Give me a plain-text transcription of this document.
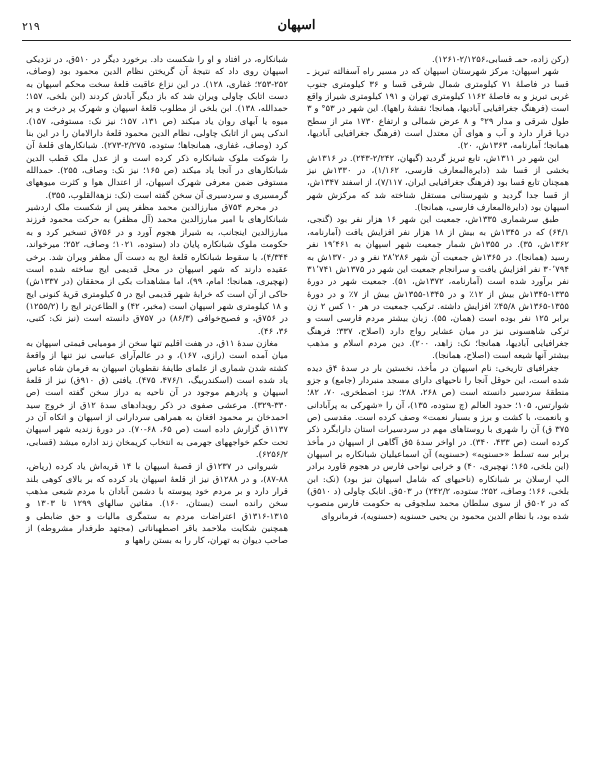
۲۱۹	اسپهان

(رکن زاده، حمـ قسابی،۲/۱۲۵۶-۱۲۶۱).

شهر اسپهان: مرکز شهرستان اسپهان که در مسیر راه آسفالته تبریز ـ قسا در فاصلهٔ ۷۱ کیلومتری شمال شرقی قسا و ۳۶ کیلومتری جنوب غربی تبریز و به فاصلهٔ ۱۱۶۲ کیلومتری تهران و ۱۹۱ کیلومتری شیراز واقع است (فرهنگ جغرافیایی آبادیها، همانجا؛ نقشهٔ راهها). این شهر در ۵۳° و ۳ طول شرقی و مدار ۲۹° و ۸ عرض شمالی و ارتفاع ۱۷۳۰ متر از سطح دریا قرار دارد و آب و هوای آن معتدل است (فرهنگ جغرافیایی آبادیها، همانجا؛ آمارنامه، ۱۳۶۳ش، ۲۰).

این شهر در ۱۳۱۱ش، تابع تبریز گردید (گیهان، ۲/۲۴۲-۲۴۳). در ۱۳۱۶ش بخشی از قسا شد (دایرةالمعارف فارسی، ۱/۱۶۲)، در ۱۳۳۰ش نیز همچنان تابع قسا بود (فرهنگ جغرافیایی ایران، ۷/۱۱۷)، از اسفند ۱۳۴۷ش، از قسا جدا گردید و شهرستانی مستقل شناخته شد که مرکزش شهر اسپهان بود (دایرةالمعارف فارسی، همانجا).

طبق سرشماری ۱۳۳۵ش، جمعیت این شهر ۱۶ هزار نفر بود (گنجی، ۶۴/۱) که در ۱۳۴۵ش به بیش از ۱۸ هزار نفر افزایش یافت (آمارنامه، ۱۳۶۲ش، ۳۵). در ۱۳۵۵ش شمار جمعیت شهر اسپهان به ۱۹٬۴۶۱ نفر رسید (همانجا). در ۱۳۶۵ش جمعیت آن شهر ۲۸٬۲۸۶ نفر و در ۱۳۷۰ش به ۳۰٬۷۹۴ نفر افزایش یافت و سرانجام جمعیت این شهر در ۱۳۷۵ش ۳۱٬۷۴۱ نفر برآورد شده است (آمارنامه، ۱۳۷۲ش، ۵۱). جمعیت شهر در دورهٔ ۱۳۳۵-۱۳۴۵ش بیش از ۱۲٪ و در ۱۳۴۵-۱۳۵۵ش بیش از ۷٪ و در دورهٔ ۱۳۵۵-۱۳۶۵ش ۴۵/۸٪ افزایش داشته. ترکیب جمعیت در هر ۱۰ کس ۲ زن برابر ۱۲۵ نفر بوده است (همان، ۵۵). زبان بیشتر مردم فارسی است و ترکی شاهسونی نیز در میان عشایر رواج دارد (اصلاح، ۳۳۷؛ فرهنگ جغرافیایی آبادیها، همانجا؛ نک: زاهد، ۲۰۰). دین مردم اسلام و مذهب بیشتر آنها شیعه است (اصلاح، همانجا).

جغرافیای تاریخی: نام اسپهان در مأخذ، نخستین بار در سدهٔ ۴ق دیده شده است، این حوقل آنجا را ناحیهای دارای مسجد منبردار (جامع) و جزو منطقهٔ سردسیر دانسته است (ص ۲۶۸، ۲۸۸؛ نیز: اصطخری، ۷۰، ۸۲؛ شوارتس، ۱۰۵؛ حدود العالم (چ ستوده، ۱۳۵)، آن را «شهرکی به پرآبادانی و بانعمت، با کشت و برز و بسیار نعمت» وصف کرده است. مقدسی (ص ۳۷۵ ق) آن را شهری با روستاهای مهم در سردسیرات استان دارابگرد ذکر کرده است (ص ۴۳۳، ۳۴۰). در اواخر سدهٔ ۵ق آگاهی از اسپهان در مأخذ برابر سه تسلط «حسنویه» (حسنویه) آن اسماعیلیان شبانکاره بر اسپهان (این بلخی، ۱۶۵؛ نهچیری، ۴۰) و خرابی نواحی فارس در هجوم قاورد برادر الپ ارسلان بر شبانکاره (ناحیهای که شامل اسپهان نیز بود) (نک: ابن بلخی، ۱۶۶؛ وصاف، ۲۵۲؛ ستوده، ۲۴۲/۲) در ۵۰۳ق. اتابک چاولی (د ۵۱۰ق) که در ۵۰۲ق از سوی سلطان محمد سلجوقی به حکومت فارس منصوب شده بود، با نظام الدین محمود بن یحیی حسنویه (حسنویه)، فرمانروای

شبانکاره، در افتاد و او را شکست داد. برخورد دیگر در ۵۱۰ق، در نزدیکی اسپهان روی داد که نتیجهٔ آن گریختن نظام الدین محمود بود (وصاف، ۲۵۲-۲۵۳؛ غفاری، ۱۲۸). در این نزاع عاقبت قلعهٔ سخت محکم اسپهان به دست اتابک چاولی ویران شد که باز دیگر آبادش کردند (ابن بلخی، ۱۵۷؛ حمدالله، ۱۳۸). ابن بلخی از مطلوب قلعهٔ اسپهان و شهرک پر درخت و پر میوه یا آبهای روان یاد میکند (ص ۱۳۱، ۱۵۷؛ نیز نک: مستوفی، ۱۵۷). اندکی پس از اتابک چاولی، نظام الدین محمود قلعهٔ دارالامان را در این بنا کرد (وصاف، غفاری، همانجاها؛ ستوده، ۲/۲۷۵-۲۷۳). شبانکارهای قلعهٔ آن را شوکت ملوک شبانکاره ذکر کرده است و از عدل ملک قطب الدین شبانکارهای در آنجا یاد میکند (ص ۱۶۵؛ نیز نک: وصاف، ۲۵۵). حمدالله مستوفی ضمن معرفی شهرک اسپهان، از اعتدال هوا و کثرت میوههای گرمسیری و سردسیری آن سخن گفته است (نک: نزهةالقلوب، ۳۵۵).

در محرم ۷۵۴ق مبارزالدین محمد مظفر پس از شکست ملک اردشیر شبانکارهای با امیر مبارزالدین محمد (آل مظفر) به حرکت محمود فرزند مبارزالدین اینجانب، به شیراز هجوم آورد و در ۷۵۶ق تسخیر کرد و به حکومت ملوک شبانکاره پایان داد (ستوده، ۱۰۲۱؛ وصاف، ۲۵۲؛ میرخواند، ۴/۳۴۴)، با سقوط شبانکاره قلعهٔ ایج به دست آل مظفر ویران شد. برخی عقیده دارند که شهر اسپهان در محل قدیمی ایج ساخته شده است (نهچیری، همانجا؛ امام، ۹۹)، اما مشاهدات بکی از محققان (در ۱۳۳۷ش) حاکی از آن است که خرابهٔ شهر قدیمی ایج در ۵ کیلومتری قریهٔ کنونی ایج و ۱۸ کیلومتری شهر اسپهان است (مخبر، ۴۲) و الطاعن‌تر ایج را (۱۲۵۵/۲) در ۷۵۶ق، و فصیح‌خوافی (۸۶/۳) در ۷۵۷ق دانسته است (نیز نک: کتبی، ۳۶، ۴۶).

مغازن سدهٔ ۱۱ق، در هفت اقلیم تنها سخن از مومیایی قیمتی اسپهان به میان آمده است (رازی، ۱۶۷)، و در عالم‌آرای عباسی نیز تنها از واقعهٔ کشته شدن شماری از علمای طایفهٔ نقطویان اسپهان به فرمان شاه عباس یاد شده است (اسکندربیگ، ۴۷۶/۱، ۴۷۵). یافتی (ق ۹۱۰ق) نیز از قلعهٔ اسپهان و پادرهم موجود در آن ناحیه به دراز سخن گفته است (ص ۳۳۰-۳۲۹). مرعشی صفوی در ذکر رویدادهای سدهٔ ۱۲ق از خروج سید احمدخان بر محمود افغان به همراهی سردارانی از اسپهان و اتکاه آن در ۱۱۳۷ق گزارش داده است (ص ۶۵، ۶۸-۷۰). در دورهٔ زندیه شهر اسپهان تحت حکم خواجههای جهرمی به انتخاب کریمخان زند اداره میشد (قسابی، ۶۲۵۶/۲).

شیروانی در ۱۲۳۷ق از قصبهٔ اسپهان با ۱۴ قریه‌اش یاد کرده (ریاض، ۸۸-۸۷)، و در ۱۲۸۸ق نیز از قلعهٔ اسپهان یاد کرده که بر بالای کوهی بلند قرار دارد و بر مردم خود پیوسته با دشمن آبادان با مردم شیعی مذهب سخن رانده است (بستان، ۱۶۰). مقاتین سالهای ۱۲۹۹ تا ۱۳۰۳ و ۱۳۱۵-۱۳۱۶ق اعتراضات مردم به ستمگری مالیات و حق ضابطی و همچنین شکایت ملاحمد باقر اصطهباناتی (مجتهد طرفدار مشروطه) از صاحب دیوان به تهران، کار را به بستن راهها و
